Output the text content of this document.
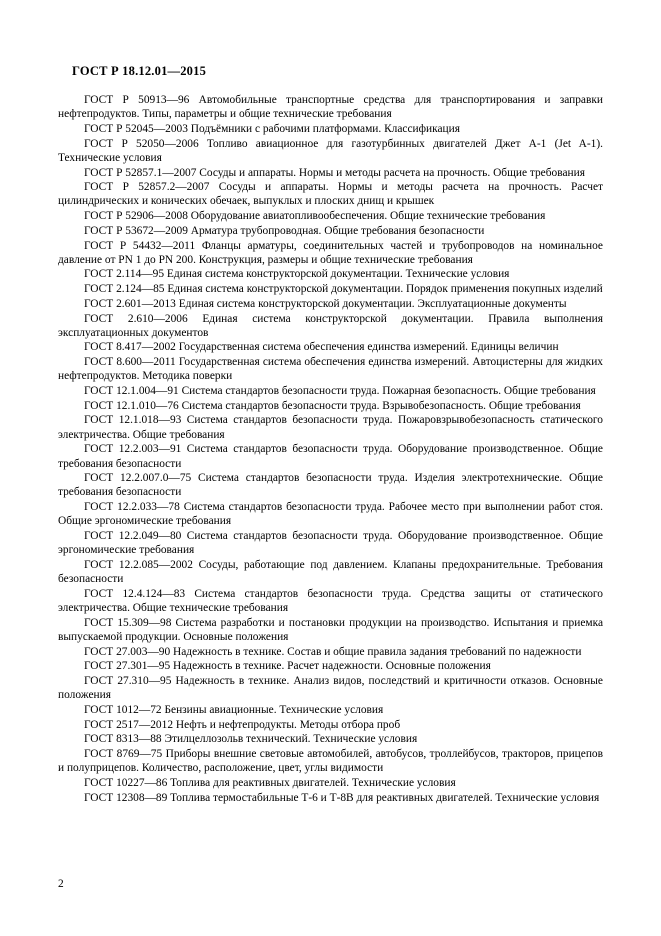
ГОСТ Р 18.12.01—2015
ГОСТ Р 50913—96 Автомобильные транспортные средства для транспортирования и заправки нефтепродуктов. Типы, параметры и общие технические требования
ГОСТ Р 52045—2003 Подъёмники с рабочими платформами. Классификация
ГОСТ Р 52050—2006 Топливо авиационное для газотурбинных двигателей Джет А-1 (Jet A-1). Технические условия
ГОСТ Р 52857.1—2007 Сосуды и аппараты. Нормы и методы расчета на прочность. Общие требования
ГОСТ Р 52857.2—2007 Сосуды и аппараты. Нормы и методы расчета на прочность. Расчет цилиндрических и конических обечаек, выпуклых и плоских днищ и крышек
ГОСТ Р 52906—2008 Оборудование авиатопливообеспечения. Общие технические требования
ГОСТ Р 53672—2009 Арматура трубопроводная. Общие требования безопасности
ГОСТ Р 54432—2011 Фланцы арматуры, соединительных частей и трубопроводов на номинальное давление от PN 1 до PN 200. Конструкция, размеры и общие технические требования
ГОСТ 2.114—95 Единая система конструкторской документации. Технические условия
ГОСТ 2.124—85 Единая система конструкторской документации. Порядок применения покупных изделий
ГОСТ 2.601—2013 Единая система конструкторской документации. Эксплуатационные документы
ГОСТ 2.610—2006 Единая система конструкторской документации. Правила выполнения эксплуатационных документов
ГОСТ 8.417—2002 Государственная система обеспечения единства измерений. Единицы величин
ГОСТ 8.600—2011 Государственная система обеспечения единства измерений. Автоцистерны для жидких нефтепродуктов. Методика поверки
ГОСТ 12.1.004—91 Система стандартов безопасности труда. Пожарная безопасность. Общие требования
ГОСТ 12.1.010—76 Система стандартов безопасности труда. Взрывобезопасность. Общие требования
ГОСТ 12.1.018—93 Система стандартов безопасности труда. Пожаровзрывобезопасность статического электричества. Общие требования
ГОСТ 12.2.003—91 Система стандартов безопасности труда. Оборудование производственное. Общие требования безопасности
ГОСТ 12.2.007.0—75 Система стандартов безопасности труда. Изделия электротехнические. Общие требования безопасности
ГОСТ 12.2.033—78 Система стандартов безопасности труда. Рабочее место при выполнении работ стоя. Общие эргономические требования
ГОСТ 12.2.049—80 Система стандартов безопасности труда. Оборудование производственное. Общие эргономические требования
ГОСТ 12.2.085—2002 Сосуды, работающие под давлением. Клапаны предохранительные. Требования безопасности
ГОСТ 12.4.124—83 Система стандартов безопасности труда. Средства защиты от статического электричества. Общие технические требования
ГОСТ 15.309—98 Система разработки и постановки продукции на производство. Испытания и приемка выпускаемой продукции. Основные положения
ГОСТ 27.003—90 Надежность в технике. Состав и общие правила задания требований по надежности
ГОСТ 27.301—95 Надежность в технике. Расчет надежности. Основные положения
ГОСТ 27.310—95 Надежность в технике. Анализ видов, последствий и критичности отказов. Основные положения
ГОСТ 1012—72 Бензины авиационные. Технические условия
ГОСТ 2517—2012 Нефть и нефтепродукты. Методы отбора проб
ГОСТ 8313—88 Этилцеллозольв технический. Технические условия
ГОСТ 8769—75 Приборы внешние световые автомобилей, автобусов, троллейбусов, тракторов, прицепов и полуприцепов. Количество, расположение, цвет, углы видимости
ГОСТ 10227—86 Топлива для реактивных двигателей. Технические условия
ГОСТ 12308—89 Топлива термостабильные Т-6 и Т-8В для реактивных двигателей. Технические условия
2
